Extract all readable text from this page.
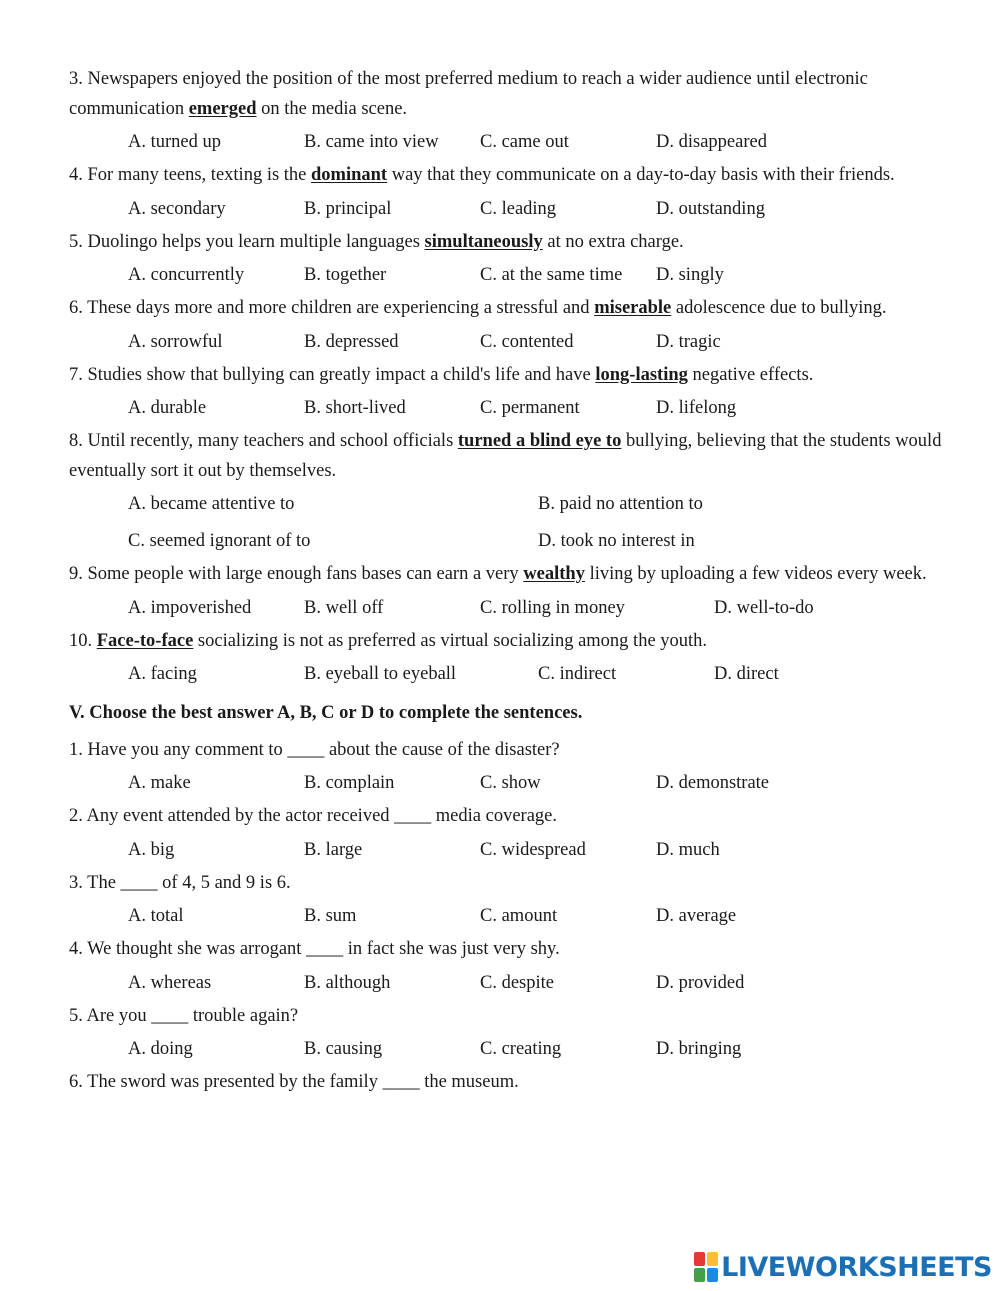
3. Newspapers enjoyed the position of the most preferred medium to reach a wider audience until electronic communication emerged on the media scene.

A. turned up	B. came into view C. came out	D. disappeared

4. For many teens, texting is the dominant way that they communicate on a day-to-day basis with their friends.

A. secondary	B. principal	C. leading	D. outstanding

5. Duolingo helps you learn multiple languages simultaneously at no extra charge.

A. concurrently	B. together	C. at the same time D. singly

6. These days more and more children are experiencing a stressful and miserable adolescence due to bullying.

A. sorrowful	B. depressed	C. contented	D. tragic

7. Studies show that bullying can greatly impact a child's life and have long-lasting negative effects.

A. durable	B. short-lived	C. permanent	D. lifelong

8. Until recently, many teachers and school officials turned a blind eye to bullying, believing that the students would eventually sort it out by themselves.

A. became attentive to	B. paid no attention to
C. seemed ignorant of to	D. took no interest in

9. Some people with large enough fans bases can earn a very wealthy living by uploading a few videos every week.

A. impoverished	B. well off	C. rolling in money	D. well-to-do

10. Face-to-face socializing is not as preferred as virtual socializing among the youth.

A. facing	B. eyeball to eyeball	C. indirect	D. direct
V. Choose the best answer A, B, C or D to complete the sentences.

1. Have you any comment to ____ about the cause of the disaster?

A. make	B. complain	C. show	D. demonstrate

2. Any event attended by the actor received ____ media coverage.

A. big	B. large	C. widespread	D. much

3. The ____ of 4, 5 and 9 is 6.

A. total	B. sum	C. amount	D. average

4. We thought she was arrogant ____ in fact she was just very shy.

A. whereas	B. although	C. despite	D. provided

5. Are you ____ trouble again?

A. doing	B. causing	C. creating	D. bringing

6. The sword was presented by the family ____ the museum.

LIVEWORKSHEETS
